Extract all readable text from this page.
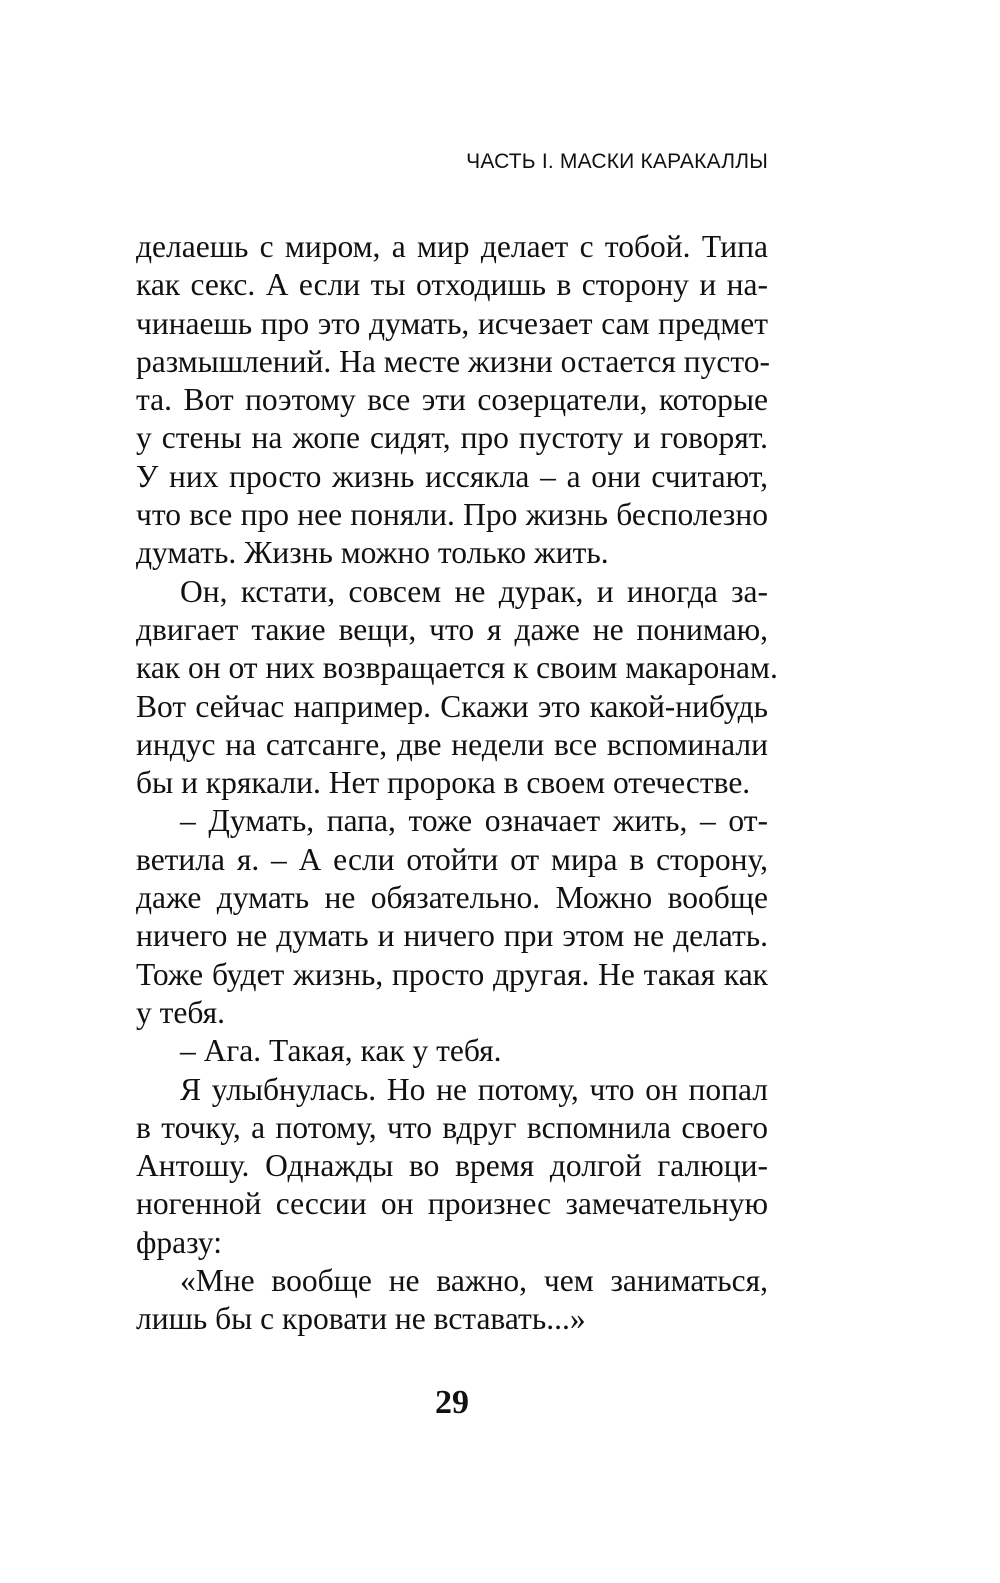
ЧАСТЬ I. МАСКИ КАРАКАЛЛЫ
делаешь с миром, а мир делает с тобой. Типа
как секс. А если ты отходишь в сторону и на-
чинаешь про это думать, исчезает сам предмет
размышлений. На месте жизни остается пусто-
та. Вот поэтому все эти созерцатели, которые
у стены на жопе сидят, про пустоту и говорят.
У них просто жизнь иссякла – а они считают,
что все про нее поняли. Про жизнь бесполезно
думать. Жизнь можно только жить.
Он, кстати, совсем не дурак, и иногда за-
двигает такие вещи, что я даже не понимаю,
как он от них возвращается к своим макаронам.
Вот сейчас например. Скажи это какой-нибудь
индус на сатсанге, две недели все вспоминали
бы и крякали. Нет пророка в своем отечестве.
– Думать, папа, тоже означает жить, – от-
ветила я. – А если отойти от мира в сторону,
даже думать не обязательно. Можно вообще
ничего не думать и ничего при этом не делать.
Тоже будет жизнь, просто другая. Не такая как
у тебя.
– Ага. Такая, как у тебя.
Я улыбнулась. Но не потому, что он попал
в точку, а потому, что вдруг вспомнила своего
Антошу. Однажды во время долгой галюци-
ногенной сессии он произнес замечательную
фразу:
«Мне вообще не важно, чем заниматься,
лишь бы с кровати не вставать...»
29
